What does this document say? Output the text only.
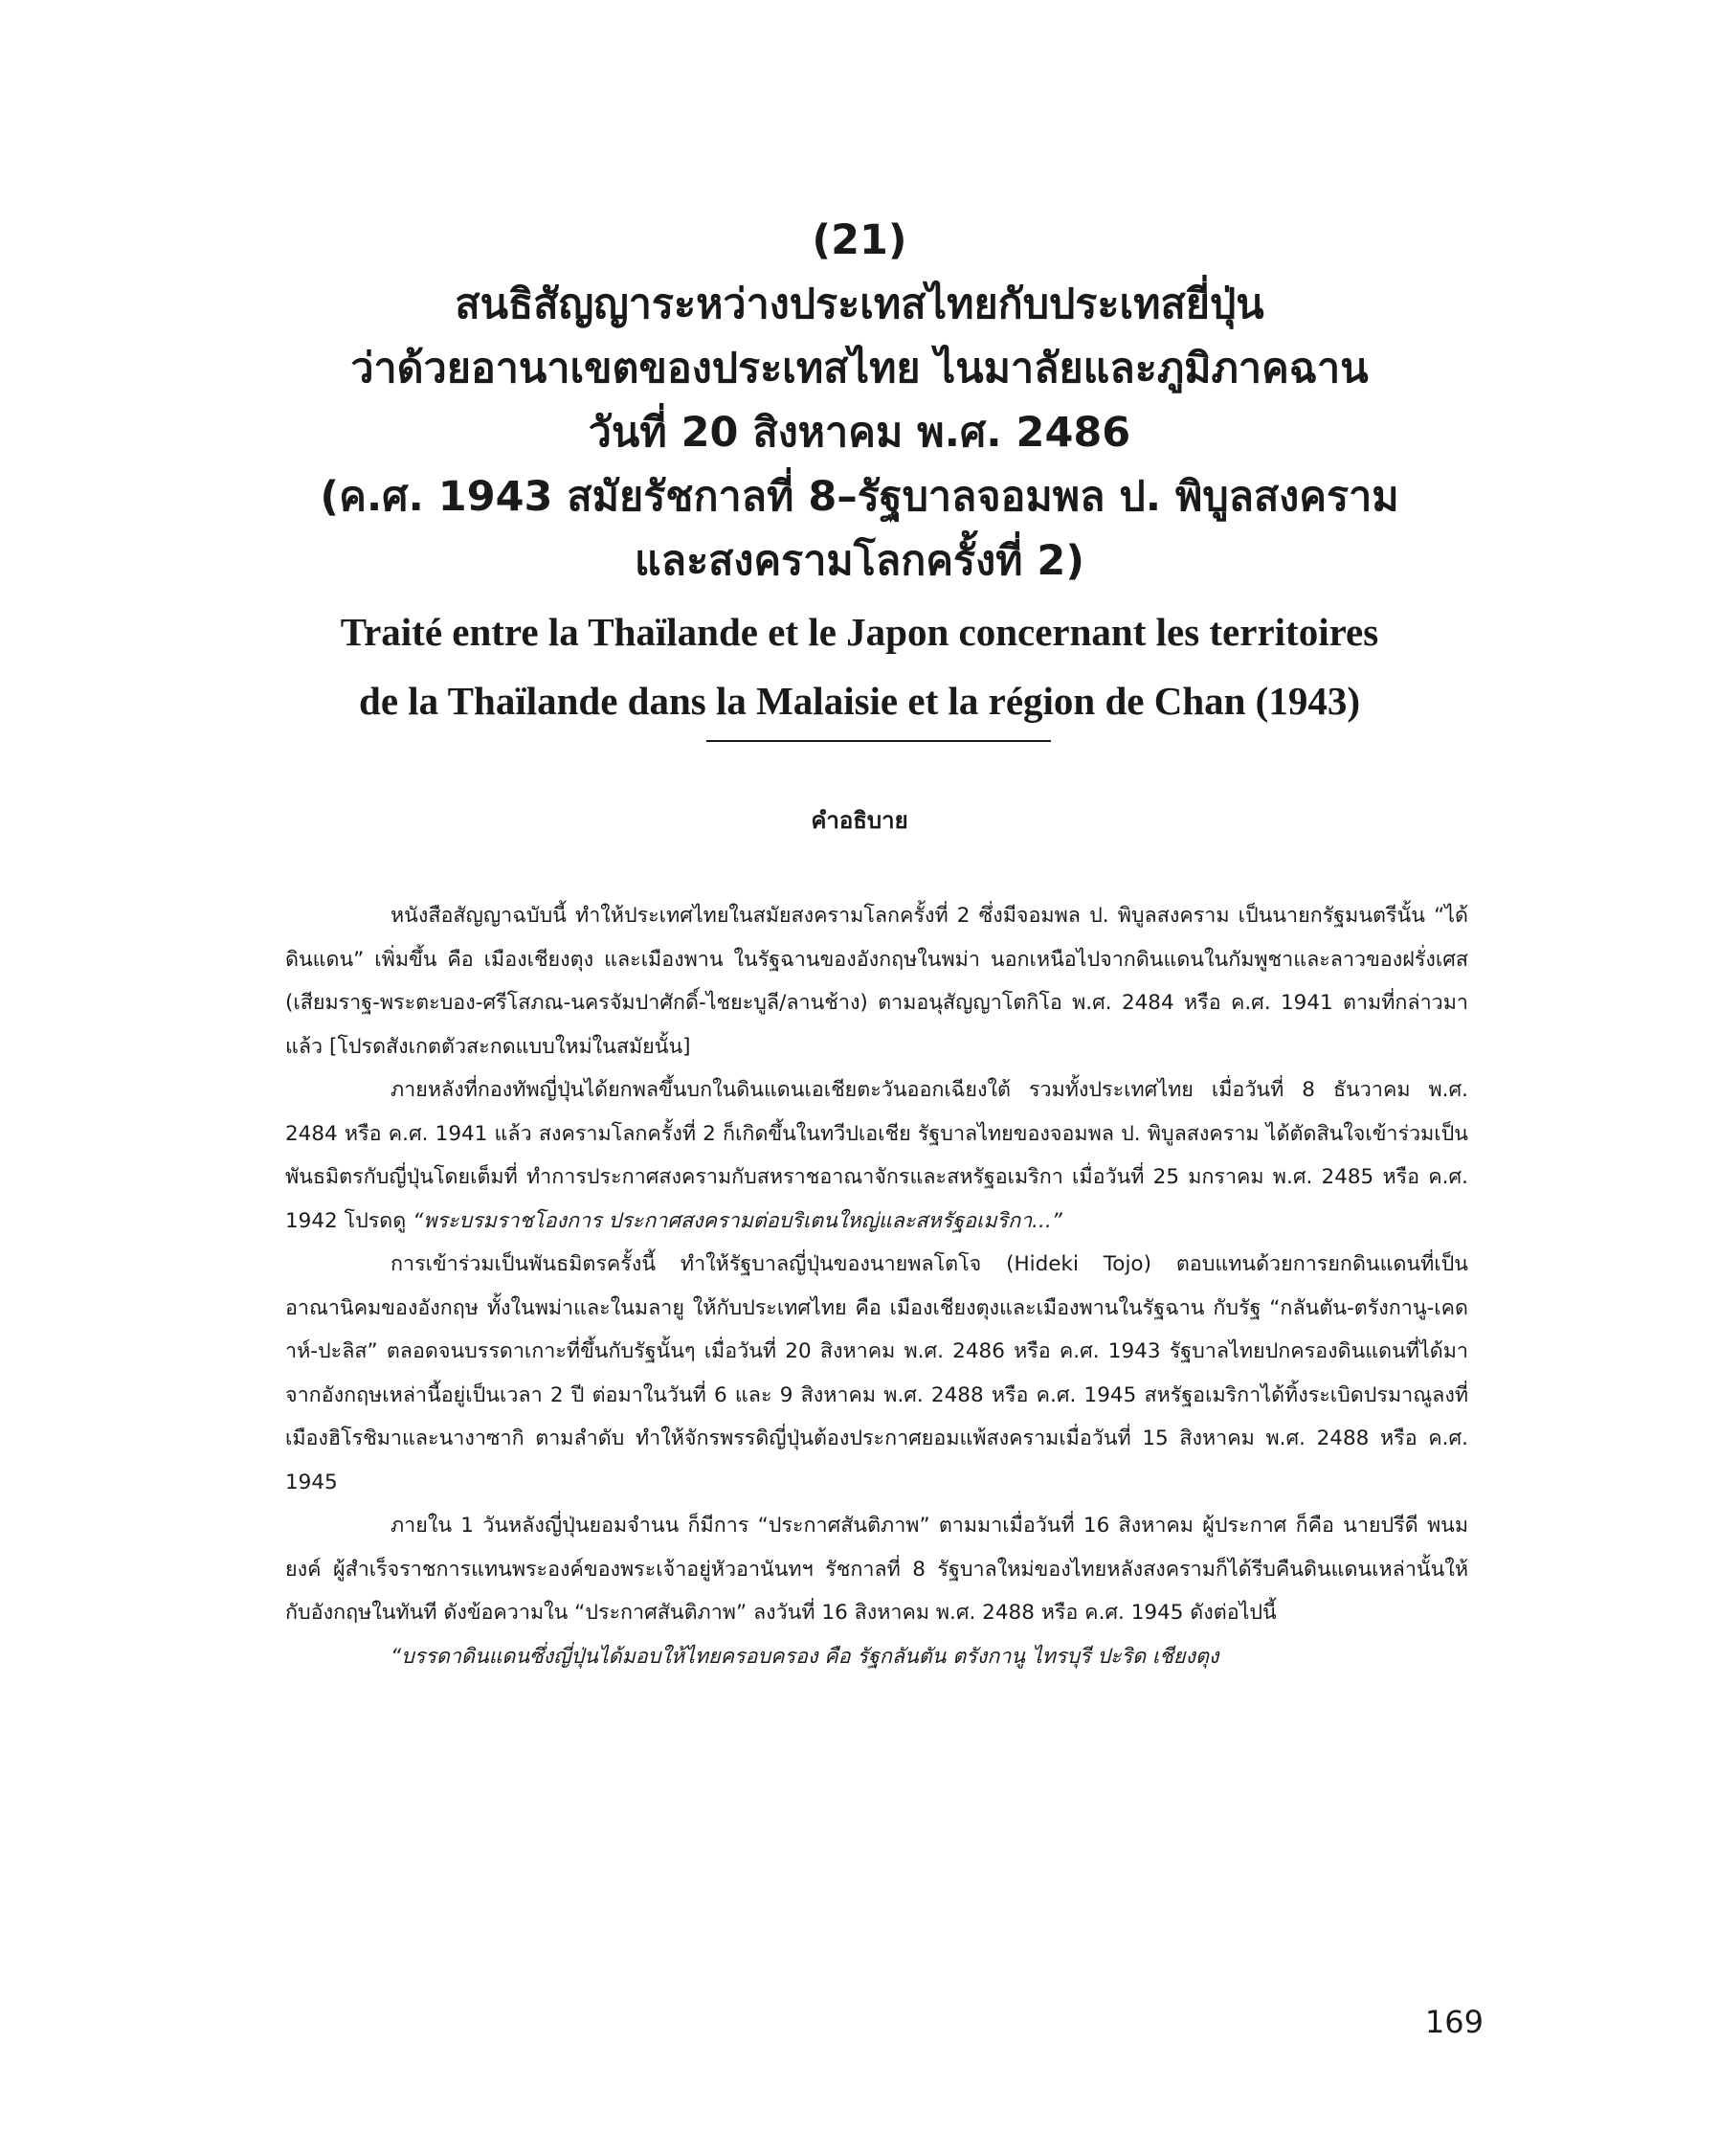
(21)

สนธิสัญญาระหว่างประเทสไทยกับประเทสยี่ปุ่น

ว่าด้วยอานาเขตของประเทสไทย ไนมาลัยและภูมิภาคฉาน

วันที่ 20 สิงหาคม พ.ศ. 2486

(ค.ศ. 1943 สมัยรัชกาลที่ 8–รัฐบาลจอมพล ป. พิบูลสงคราม

และสงครามโลกครั้งที่ 2)

Traité entre la Thaïlande et le Japon concernant les territoires

de la Thaïlande dans la Malaisie et la région de Chan (1943)

คำอธิบาย

หนังสือสัญญาฉบับนี้ ทำให้ประเทศไทยในสมัยสงครามโลกครั้งที่ 2 ซึ่งมีจอมพล ป. พิบูลสงคราม เป็นนายกรัฐมนตรีนั้น “ได้ดินแดน” เพิ่มขึ้น คือ เมืองเชียงตุง และเมืองพาน ในรัฐฉานของอังกฤษในพม่า นอกเหนือไปจากดินแดนในกัมพูชาและลาวของฝรั่งเศส (เสียมราฐ-พระตะบอง-ศรีโสภณ-นครจัมปาศักดิ์-ไชยะบูลี/ลานช้าง) ตามอนุสัญญาโตกิโอ พ.ศ. 2484 หรือ ค.ศ. 1941 ตามที่กล่าวมาแล้ว [โปรดสังเกตตัวสะกดแบบใหม่ในสมัยนั้น]

ภายหลังที่กองทัพญี่ปุ่นได้ยกพลขึ้นบกในดินแดนเอเชียตะวันออกเฉียงใต้ รวมทั้งประเทศไทย เมื่อวันที่ 8 ธันวาคม พ.ศ. 2484 หรือ ค.ศ. 1941 แล้ว สงครามโลกครั้งที่ 2 ก็เกิดขึ้นในทวีปเอเชีย รัฐบาลไทยของจอมพล ป. พิบูลสงคราม ได้ตัดสินใจเข้าร่วมเป็นพันธมิตรกับญี่ปุ่นโดยเต็มที่ ทำการประกาศสงครามกับสหราชอาณาจักรและสหรัฐอเมริกา เมื่อวันที่ 25 มกราคม พ.ศ. 2485 หรือ ค.ศ. 1942 โปรดดู “พระบรมราชโองการ ประกาศสงครามต่อบริเตนใหญ่และสหรัฐอเมริกา...”

การเข้าร่วมเป็นพันธมิตรครั้งนี้ ทำให้รัฐบาลญี่ปุ่นของนายพลโตโจ (Hideki Tojo) ตอบแทนด้วยการยกดินแดนที่เป็นอาณานิคมของอังกฤษ ทั้งในพม่าและในมลายู ให้กับประเทศไทย คือ เมืองเชียงตุงและเมืองพานในรัฐฉาน กับรัฐ “กลันตัน-ตรังกานู-เคดาห์-ปะลิส” ตลอดจนบรรดาเกาะที่ขึ้นกับรัฐนั้นๆ เมื่อวันที่ 20 สิงหาคม พ.ศ. 2486 หรือ ค.ศ. 1943 รัฐบาลไทยปกครองดินแดนที่ได้มาจากอังกฤษเหล่านี้อยู่เป็นเวลา 2 ปี ต่อมาในวันที่ 6 และ 9 สิงหาคม พ.ศ. 2488 หรือ ค.ศ. 1945 สหรัฐอเมริกาได้ทิ้งระเบิดปรมาณูลงที่เมืองฮิโรชิมาและนางาซากิ ตามลำดับ ทำให้จักรพรรดิญี่ปุ่นต้องประกาศยอมแพ้สงครามเมื่อวันที่ 15 สิงหาคม พ.ศ. 2488 หรือ ค.ศ. 1945

ภายใน 1 วันหลังญี่ปุ่นยอมจำนน ก็มีการ “ประกาศสันติภาพ” ตามมาเมื่อวันที่ 16 สิงหาคม ผู้ประกาศ ก็คือ นายปรีดี พนมยงค์ ผู้สำเร็จราชการแทนพระองค์ของพระเจ้าอยู่หัวอานันทฯ รัชกาลที่ 8 รัฐบาลใหม่ของไทยหลังสงครามก็ได้รีบคืนดินแดนเหล่านั้นให้กับอังกฤษในทันที ดังข้อความใน “ประกาศสันติภาพ” ลงวันที่ 16 สิงหาคม พ.ศ. 2488 หรือ ค.ศ. 1945 ดังต่อไปนี้

“บรรดาดินแดนซึ่งญี่ปุ่นได้มอบให้ไทยครอบครอง คือ รัฐกลันตัน ตรังกานู ไทรบุรี ปะริด เชียงตุง

169
